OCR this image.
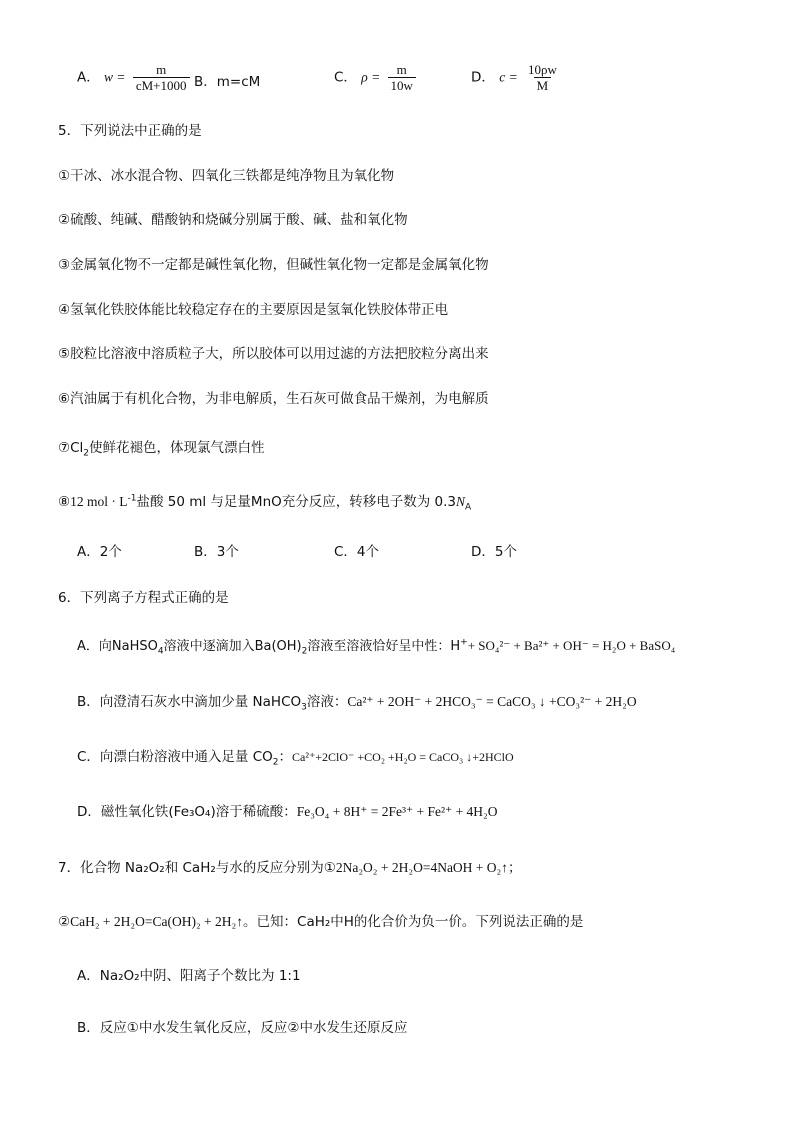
A． $w = \frac{m}{cM+1000}$ B．m=cM	C． $\rho = \frac{m}{10w}$	D． $c = \frac{10\rho w}{M}$
5．下列说法中正确的是
①干冰、冰水混合物、四氧化三铁都是纯净物且为氧化物
②硫酸、纯碱、醋酸钠和烧碱分别属于酸、碱、盐和氧化物
③金属氧化物不一定都是碱性氧化物，但碱性氧化物一定都是金属氧化物
④氢氧化铁胶体能比较稳定存在的主要原因是氢氧化铁胶体带正电
⑤胶粒比溶液中溶质粒子大，所以胶体可以用过滤的方法把胶粒分离出来
⑥汽油属于有机化合物，为非电解质，生石灰可做食品干燥剂，为电解质
$⑦Cl_2$使鲜花褪色，体现氯气漂白性
⑧12 mol · $L^{-1}$盐酸 50 ml 与足量MnO充分反应，转移电子数为 $0.3N_A$
A．2个	B．3个	C．4个	D．5个
6．下列离子方程式正确的是
A．向NaHSO$_4$溶液中逐滴加入$Ba(OH)_2$溶液至溶液恰好呈中性：H++ SO₄²⁻ + Ba²⁺ + OH⁻ = H₂O + BaSO₄
B．向澄清石灰水中滴加少量 NaHCO$_3$溶液：Ca²⁺ + 2OH⁻ + 2HCO₃⁻ = CaCO₃ ↓ +CO₃²⁻ + 2H₂O
C．向漂白粉溶液中通入足量 $CO_2$：Ca²⁺+2ClO⁻ +CO₂ +H₂O = CaCO₃ ↓+2HClO
D．磁性氧化铁(Fe₃O₄)溶于稀硫酸：Fe₃O₄ + 8H⁺ = 2Fe³⁺ + Fe²⁺ + 4H₂O
7．化合物 Na₂O₂和 CaH₂与水的反应分别为①2Na₂O₂ + 2H₂O=4NaOH + O₂↑；
②CaH₂ + 2H₂O=Ca(OH)₂ + 2H₂↑。已知：CaH₂中H的化合价为负一价。下列说法正确的是
A．Na₂O₂中阴、阳离子个数比为 1:1
B．反应①中水发生氧化反应，反应②中水发生还原反应
